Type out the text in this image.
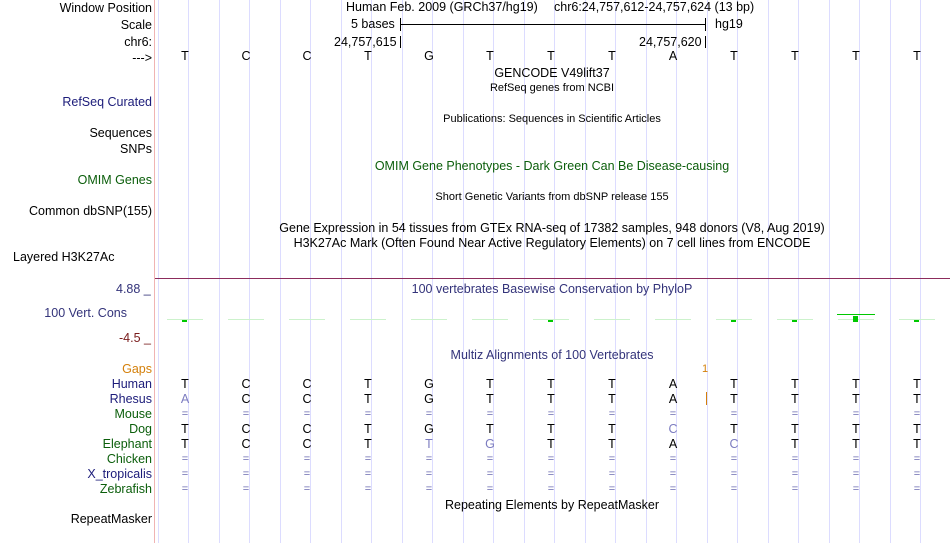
Window Position
Scale
chr6:
--->
Human Feb. 2009 (GRCh37/hg19) chr6:24,757,612-24,757,624 (13 bp)
5 bases	hg19
24,757,615	24,757,620
T	C	C	T	G	T	T	T	A	T	T	T	T
GENCODE V49lift37
RefSeq genes from NCBI
RefSeq Curated
Publications: Sequences in Scientific Articles
Sequences
SNPs
OMIM Gene Phenotypes - Dark Green Can Be Disease-causing
OMIM Genes
Short Genetic Variants from dbSNP release 155
Common dbSNP(155)
Gene Expression in 54 tissues from GTEx RNA-seq of 17382 samples, 948 donors (V8, Aug 2019)
H3K27Ac Mark (Often Found Near Active Regulatory Elements) on 7 cell lines from ENCODE
Layered H3K27Ac
4.88 _	100 vertebrates Basewise Conservation by PhyloP
100 Vert. Cons
-4.5 _
Multiz Alignments of 100 Vertebrates
Gaps	1
Human	T	C	C	T	G	T	T	T	A	T	T	T	T
Rhesus	A	C	C	T	G	T	T	T	A	T	T	T	T
Mouse	=	=	=	=	=	=	=	=	=	=	=	=	=
Dog	T	C	C	T	G	T	T	T	C	T	T	T	T
Elephant	T	C	C	T	T	G	T	T	A	C	T	T	T
Chicken	=	=	=	=	=	=	=	=	=	=	=	=	=
X_tropicalis	=	=	=	=	=	=	=	=	=	=	=	=	=
Zebrafish	=	=	=	=	=	=	=	=	=	=	=	=	=
Repeating Elements by RepeatMasker
RepeatMasker
